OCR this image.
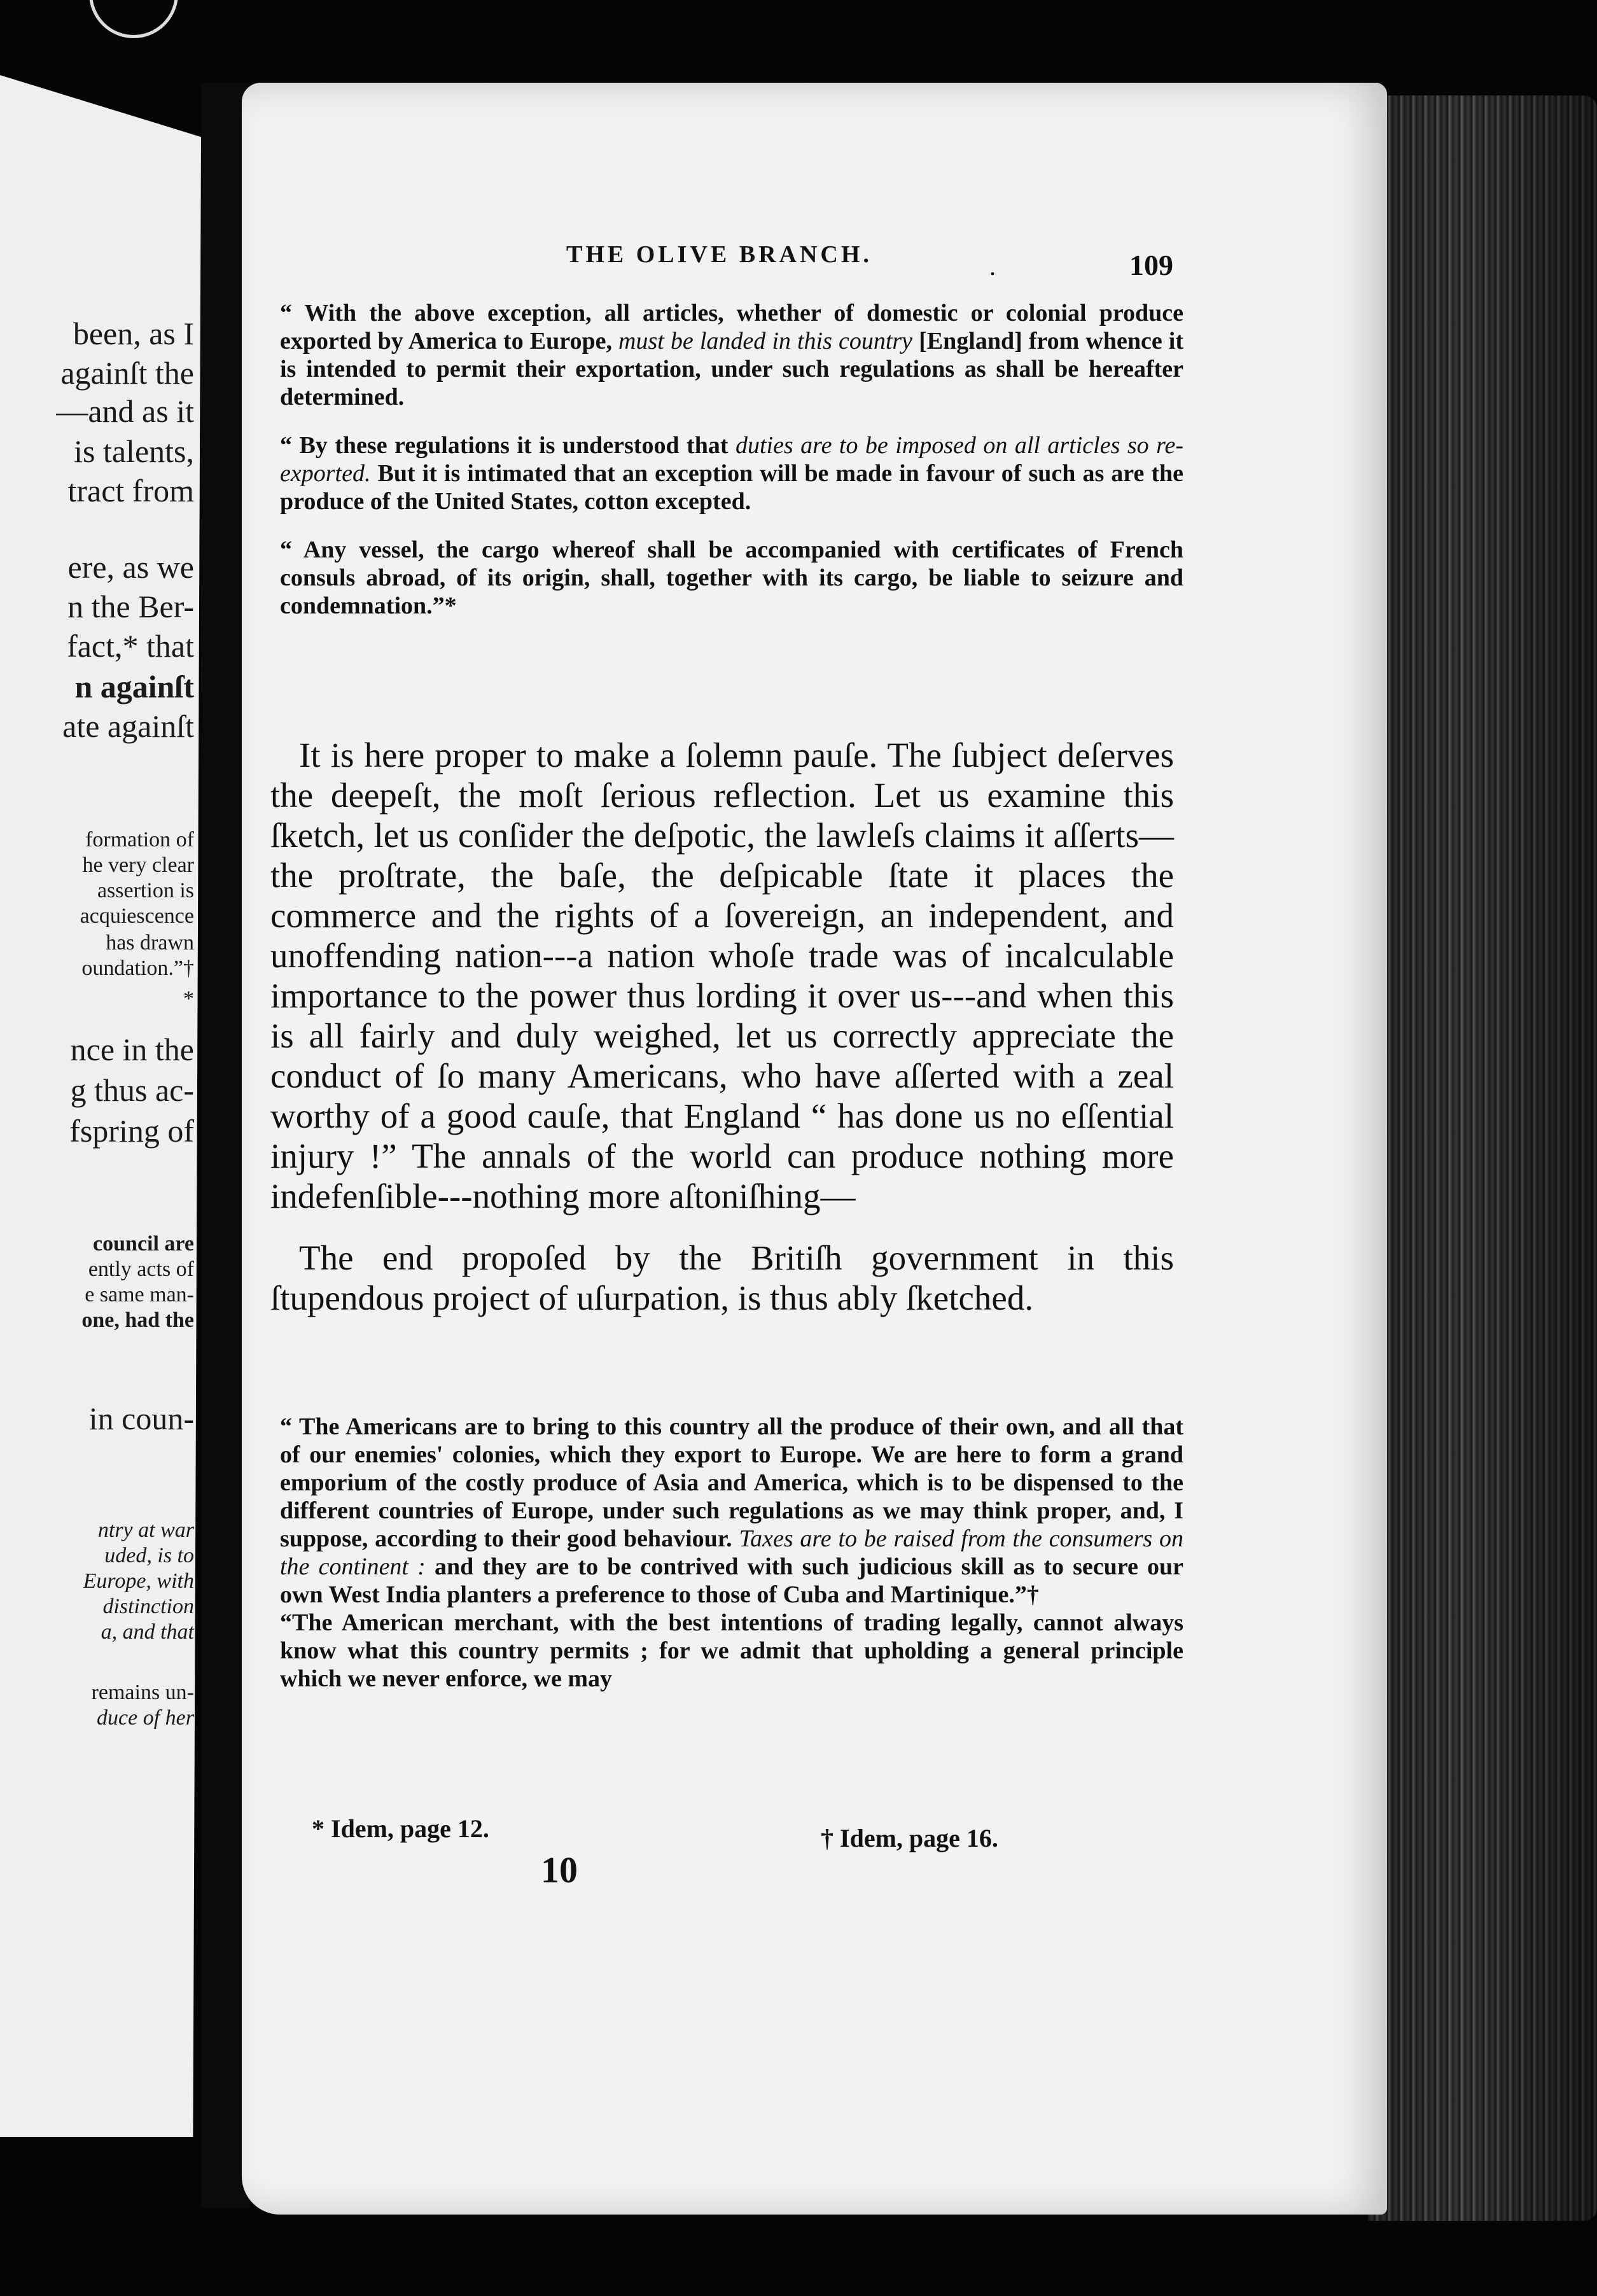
been, as I
againſt the
—and as it
is talents,
tract from
ere, as we
n the Ber-
fact,* that
n againſt
ate againſt
formation of
he very clear
assertion is
acquiescence
has drawn
oundation.”†
*
nce in the
g thus ac-
fspring of
council are
ently acts of
e same man-
one, had the
in coun-
ntry at war
uded, is to
Europe, with
distinction
a, and that
remains un-
duce of her
THE OLIVE BRANCH.	.	109

“ With the above exception, all articles, whether of domestic or colonial produce exported by America to Europe, must be landed in this country [England] from whence it is intended to permit their exportation, under such regulations as shall be hereafter determined.

“ By these regulations it is understood that duties are to be imposed on all articles so re-exported. But it is intimated that an exception will be made in favour of such as are the produce of the United States, cotton excepted.

“ Any vessel, the cargo whereof shall be accompanied with certificates of French consuls abroad, of its origin, shall, together with its cargo, be liable to seizure and condemnation.”*

It is here proper to make a ſolemn pauſe. The ſubject deſerves the deepeſt, the moſt ſerious reflection. Let us examine this ſketch, let us conſider the deſpotic, the lawleſs claims it aſſerts—the proſtrate, the baſe, the deſpicable ſtate it places the commerce and the rights of a ſovereign, an independent, and unoffending nation---a nation whoſe trade was of incalculable importance to the power thus lording it over us---and when this is all fairly and duly weighed, let us correctly appreciate the conduct of ſo many Americans, who have aſſerted with a zeal worthy of a good cauſe, that England “ has done us no eſſential injury !” The annals of the world can produce nothing more indefenſible---nothing more aſtoniſhing—

The end propoſed by the Britiſh government in this ſtupendous project of uſurpation, is thus ably ſketched.

“ The Americans are to bring to this country all the produce of their own, and all that of our enemies' colonies, which they export to Europe. We are here to form a grand emporium of the costly produce of Asia and America, which is to be dispensed to the different countries of Europe, under such regulations as we may think proper, and, I suppose, according to their good behaviour. Taxes are to be raised from the consumers on the continent : and they are to be contrived with such judicious skill as to secure our own West India planters a preference to those of Cuba and Martinique.”†

“The American merchant, with the best intentions of trading legally, cannot always know what this country permits ; for we admit that upholding a general principle which we never enforce, we may

* Idem, page 12.	† Idem, page 16.
10
